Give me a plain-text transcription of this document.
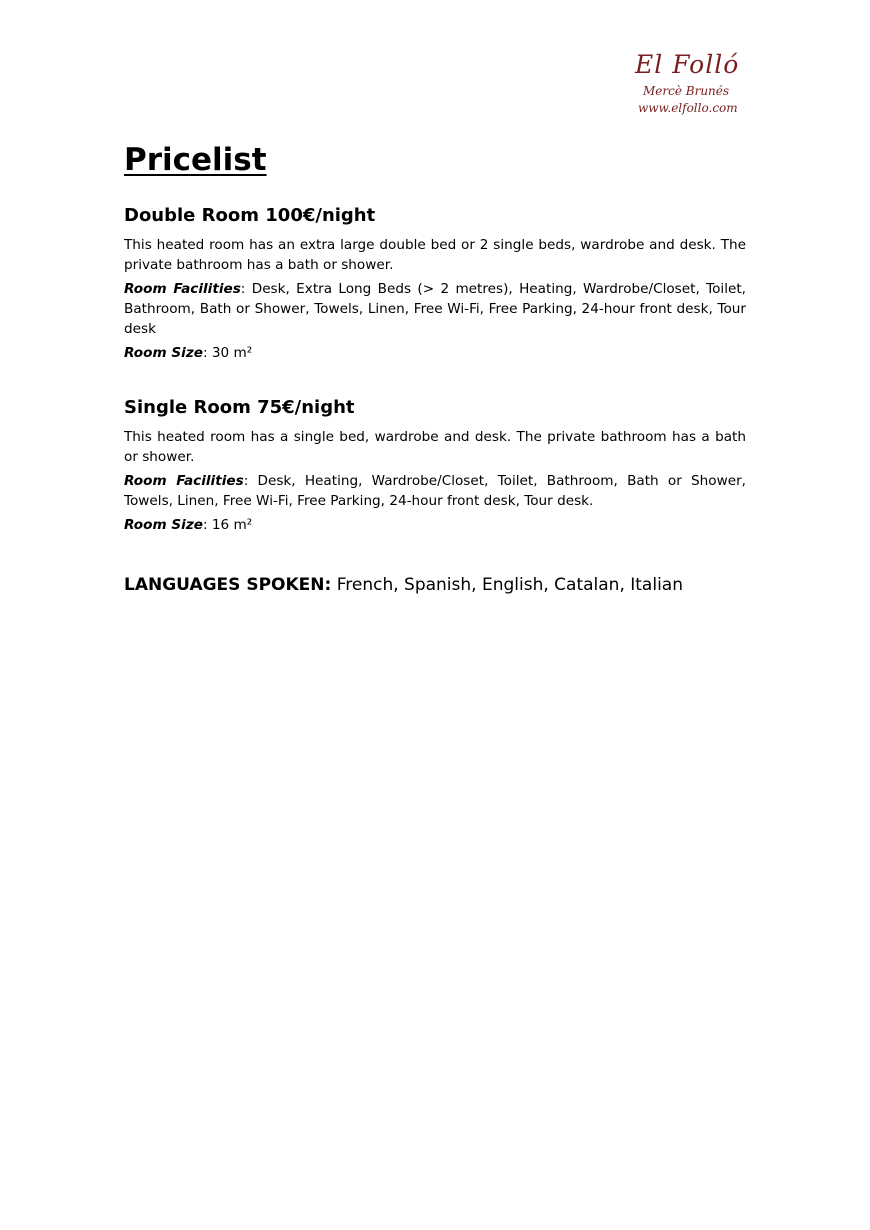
El Folló
Mercè Brunés
www.elfollo.com
Pricelist
Double Room 100€/night

This heated room has an extra large double bed or 2 single beds, wardrobe and desk. The private bathroom has a bath or shower.

Room Facilities: Desk, Extra Long Beds (> 2 metres), Heating, Wardrobe/Closet, Toilet, Bathroom, Bath or Shower, Towels, Linen, Free Wi-Fi, Free Parking, 24-hour front desk, Tour desk

Room Size: 30 m²

Single Room 75€/night

This heated room has a single bed, wardrobe and desk. The private bathroom has a bath or shower.

Room Facilities: Desk, Heating, Wardrobe/Closet, Toilet, Bathroom, Bath or Shower, Towels, Linen, Free Wi-Fi, Free Parking, 24-hour front desk, Tour desk.

Room Size: 16 m²

LANGUAGES SPOKEN: French, Spanish, English, Catalan, Italian
